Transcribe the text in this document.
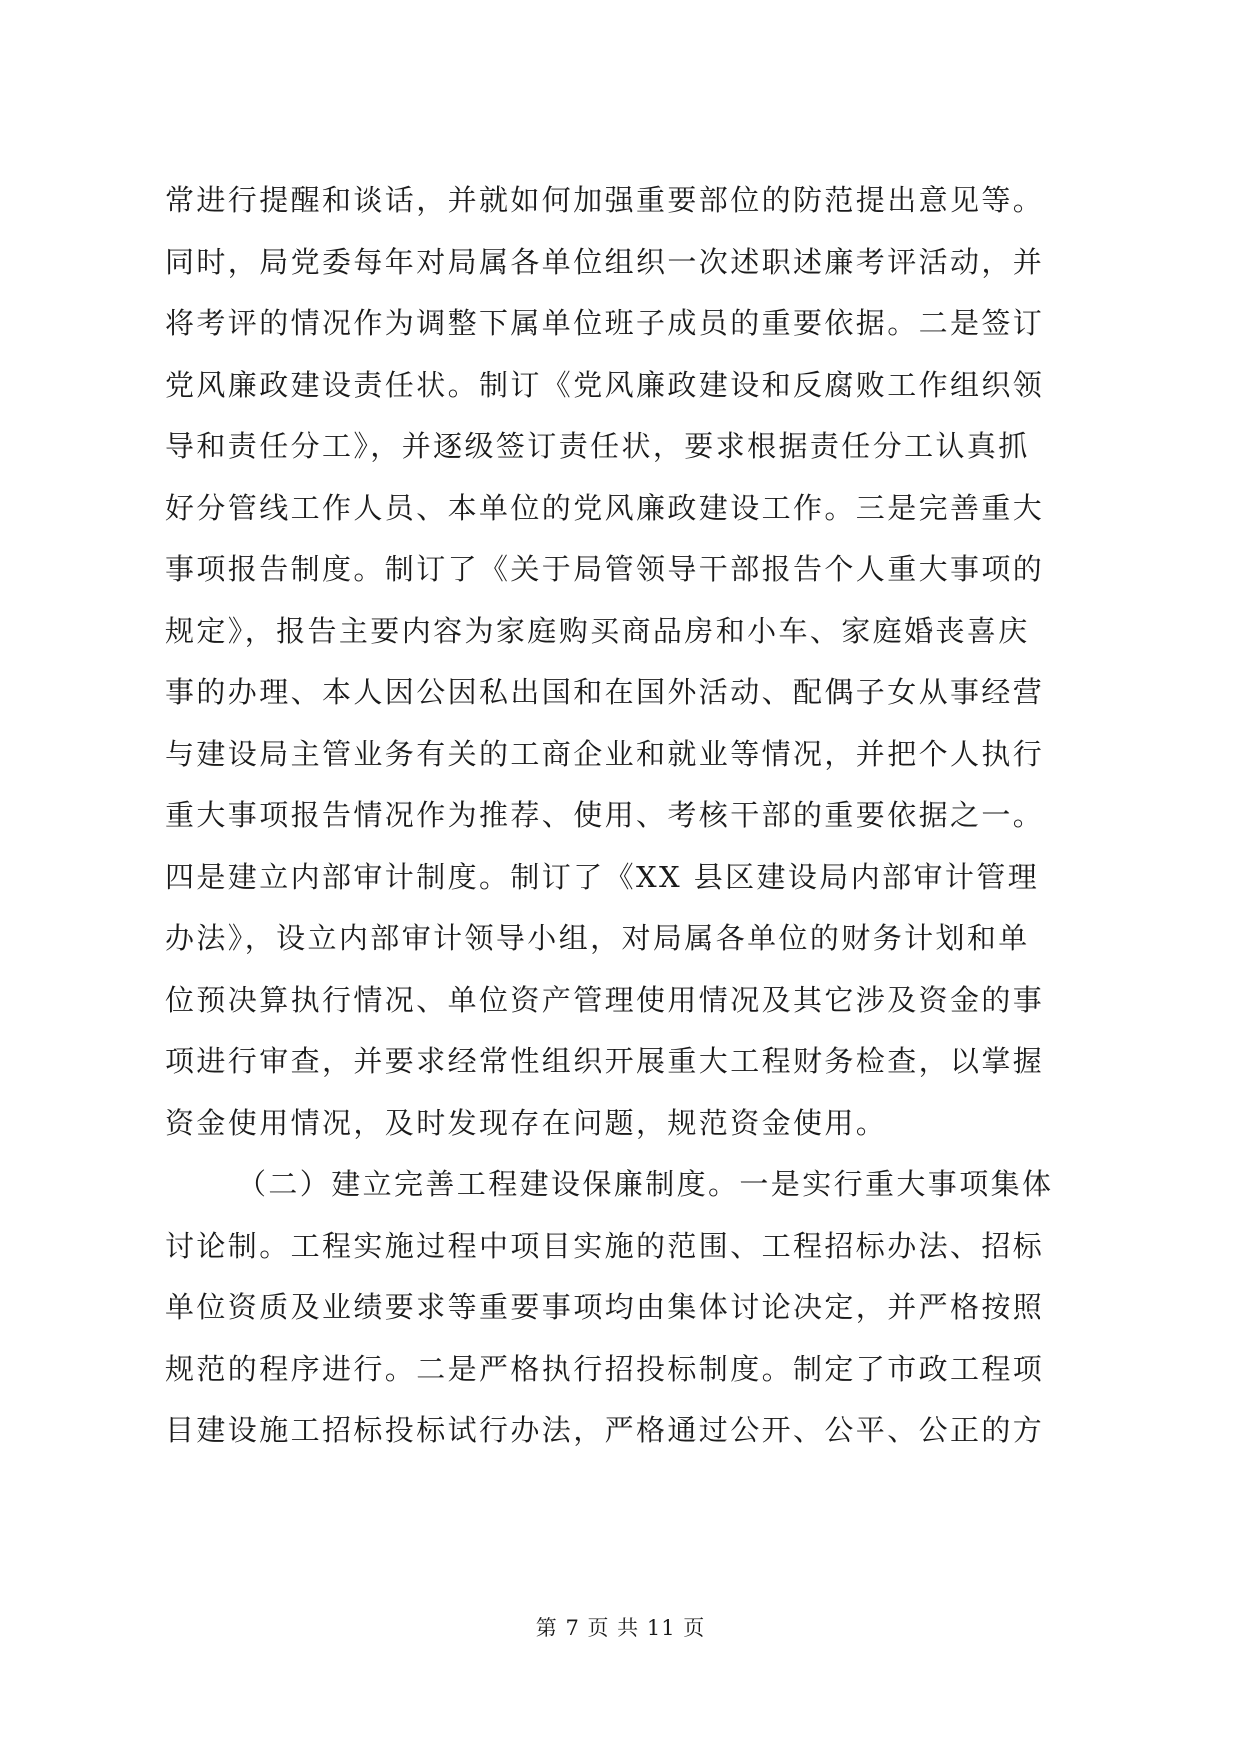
常进行提醒和谈话，并就如何加强重要部位的防范提出意见等。
同时，局党委每年对局属各单位组织一次述职述廉考评活动，并
将考评的情况作为调整下属单位班子成员的重要依据。二是签订
党风廉政建设责任状。制订《党风廉政建设和反腐败工作组织领
导和责任分工》，并逐级签订责任状，要求根据责任分工认真抓
好分管线工作人员、本单位的党风廉政建设工作。三是完善重大
事项报告制度。制订了《关于局管领导干部报告个人重大事项的
规定》，报告主要内容为家庭购买商品房和小车、家庭婚丧喜庆
事的办理、本人因公因私出国和在国外活动、配偶子女从事经营
与建设局主管业务有关的工商企业和就业等情况，并把个人执行
重大事项报告情况作为推荐、使用、考核干部的重要依据之一。
四是建立内部审计制度。制订了《XX 县区建设局内部审计管理
办法》，设立内部审计领导小组，对局属各单位的财务计划和单
位预决算执行情况、单位资产管理使用情况及其它涉及资金的事
项进行审查，并要求经常性组织开展重大工程财务检查，以掌握
资金使用情况，及时发现存在问题，规范资金使用。
（二）建立完善工程建设保廉制度。一是实行重大事项集体
讨论制。工程实施过程中项目实施的范围、工程招标办法、招标
单位资质及业绩要求等重要事项均由集体讨论决定，并严格按照
规范的程序进行。二是严格执行招投标制度。制定了市政工程项
目建设施工招标投标试行办法，严格通过公开、公平、公正的方
第 7 页 共 11 页
